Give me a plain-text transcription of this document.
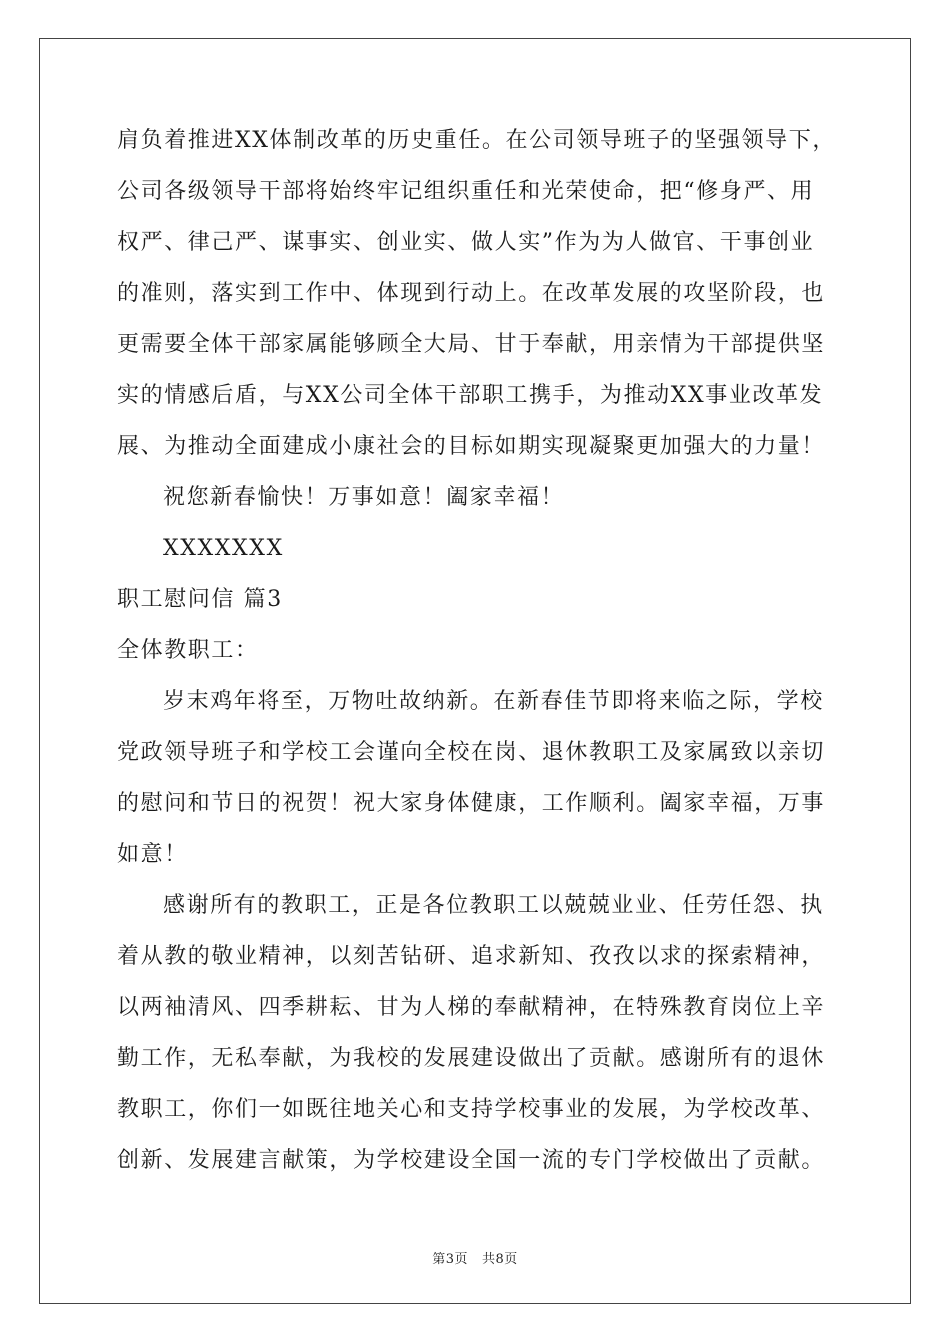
肩负着推进XX体制改革的历史重任。在公司领导班子的坚强领导下，
公司各级领导干部将始终牢记组织重任和光荣使命，把“修身严、用
权严、律己严、谋事实、创业实、做人实”作为为人做官、干事创业
的准则，落实到工作中、体现到行动上。在改革发展的攻坚阶段，也
更需要全体干部家属能够顾全大局、甘于奉献，用亲情为干部提供坚
实的情感后盾，与XX公司全体干部职工携手，为推动XX事业改革发
展、为推动全面建成小康社会的目标如期实现凝聚更加强大的力量！
祝您新春愉快！万事如意！阖家幸福！
XXXXXXX
职工慰问信 篇3
全体教职工：
岁末鸡年将至，万物吐故纳新。在新春佳节即将来临之际，学校
党政领导班子和学校工会谨向全校在岗、退休教职工及家属致以亲切
的慰问和节日的祝贺！祝大家身体健康，工作顺利。阖家幸福，万事
如意！
感谢所有的教职工，正是各位教职工以兢兢业业、任劳任怨、执
着从教的敬业精神，以刻苦钻研、追求新知、孜孜以求的探索精神，
以两袖清风、四季耕耘、甘为人梯的奉献精神，在特殊教育岗位上辛
勤工作，无私奉献，为我校的发展建设做出了贡献。感谢所有的退休
教职工，你们一如既往地关心和支持学校事业的发展，为学校改革、
创新、发展建言献策，为学校建设全国一流的专门学校做出了贡献。
第3页 共8页
